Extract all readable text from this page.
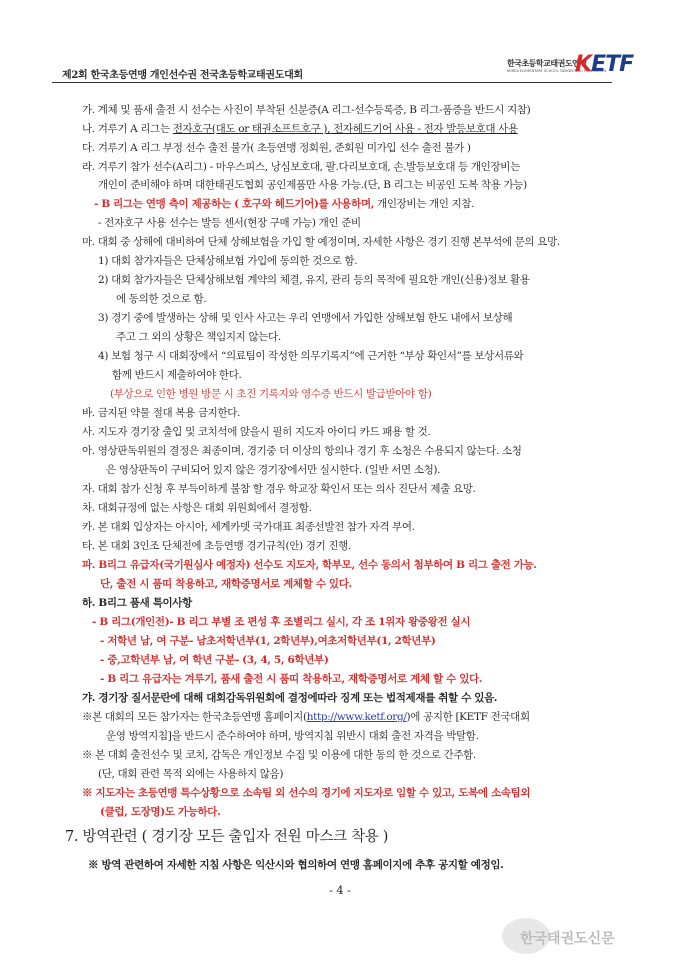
제2회 한국초등연맹 개인선수권 전국초등학교태권도대회
한국초등학교태권도연맹
KOREA ELEMENTARY SCHOOL TAEKWONDO FEDERATION
KETF
가. 계체 및 품새 출전 시 선수는 사진이 부착된 신분증(A 리그-선수등록증, B 리그-품증을 반드시 지참)
나. 겨루기 A 리그는 전자호구(대도 or 태권소프트호구 ), 전자헤드기어 사용 - 전자 발등보호대 사용
다. 겨루기 A 리그 부정 선수 출전 불가( 초등연맹 정회원, 준회원 미가입 선수 출전 불가 )
라. 겨루기 참가 선수(A리그) - 마우스피스, 낭심보호대, 팔.다리보호대, 손.발등보호대 등 개인장비는
개인이 준비해야 하며 대한태권도협회 공인제품만 사용 가능.(단, B 리그는 비공인 도복 착용 가능)
- B 리그는 연맹 측이 제공하는 ( 호구와 헤드기어)를 사용하며, 개인장비는 개인 지참.
- 전자호구 사용 선수는 발등 센서(현장 구매 가능) 개인 준비
마. 대회 중 상해에 대비하여 단체 상해보험을 가입 할 예정이며, 자세한 사항은 경기 진행 본부석에 문의 요망.
1) 대회 참가자들은 단체상해보험 가입에 동의한 것으로 함.
2) 대회 참가자들은 단체상해보험 계약의 체결, 유지, 관리 등의 목적에 필요한 개인(신용)정보 활용
에 동의한 것으로 함.
3) 경기 중에 발생하는 상해 및 인사 사고는 우리 연맹에서 가입한 상해보험 한도 내에서 보상해
주고 그 외의 상황은 책임지지 않는다.
4) 보험 청구 시 대회장에서 “의료팀이 작성한 의무기록지”에 근거한 “부상 확인서”를 보상서류와
함께 반드시 제출하여야 한다.
(부상으로 인한 병원 방문 시 초진 기록지와 영수증 반드시 발급받아야 함)
바. 금지된 약물 절대 복용 금지한다.
사. 지도자 경기장 출입 및 코치석에 앉을시 필히 지도자 아이디 카드 패용 할 것.
아. 영상판독위원의 결정은 최종이며, 경기중 더 이상의 항의나 경기 후 소청은 수용되지 않는다. 소청
은 영상판독이 구비되어 있지 않은 경기장에서만 실시한다. (일반 서면 소청).
자. 대회 참가 신청 후 부득이하게 불참 할 경우 학교장 확인서 또는 의사 진단서 제출 요망.
차. 대회규정에 없는 사항은 대회 위원회에서 결정함.
카. 본 대회 입상자는 아시아, 세계카뎃 국가대표 최종선발전 참가 자격 부여.
타. 본 대회 3인조 단체전에 초등연맹 경기규칙(안) 경기 진행.
파. B리그 유급자(국기원심사 예정자) 선수도 지도자, 학부모, 선수 동의서 첨부하여 B 리그 출전 가능.
단, 출전 시 품띠 착용하고, 재학증명서로 계체할 수 있다.
하. B리그 품새 특이사항
- B 리그(개인전)- B 리그 부별 조 편성 후 조별리그 실시, 각 조 1위자 왕중왕전 실시
- 저학년 남, 여 구분- 남초저학년부(1, 2학년부),여초저학년부(1, 2학년부)
- 중,고학년부 남, 여 학년 구분- (3, 4, 5, 6학년부)
- B 리그 유급자는 겨루기, 품새 출전 시 품띠 착용하고, 재학증명서로 계체 할 수 있다.
갸. 경기장 질서문란에 대해 대회감독위원회에 결정에따라 징계 또는 법적제재를 취할 수 있음.
※본 대회의 모든 참가자는 한국초등연맹 홈페이지(http://www.ketf.org/)에 공지한 [KETF 전국대회
운영 방역지침]을 반드시 준수하여야 하며, 방역지침 위반시 대회 출전 자격을 박탈함.
※ 본 대회 출전선수 및 코치, 감독은 개인정보 수집 및 이용에 대한 동의 한 것으로 간주함.
(단, 대회 관련 목적 외에는 사용하지 않음)
※ 지도자는 초등연맹 특수상황으로 소속팀 외 선수의 경기에 지도자로 임할 수 있고, 도복에 소속팀외
(클럽, 도장명)도 가능하다.
7. 방역관련 ( 경기장 모든 출입자 전원 마스크 착용 )
※ 방역 관련하여 자세한 지침 사항은 익산시와 협의하여 연맹 홈페이지에 추후 공지할 예정임.
- 4 -
한국태권도신문
